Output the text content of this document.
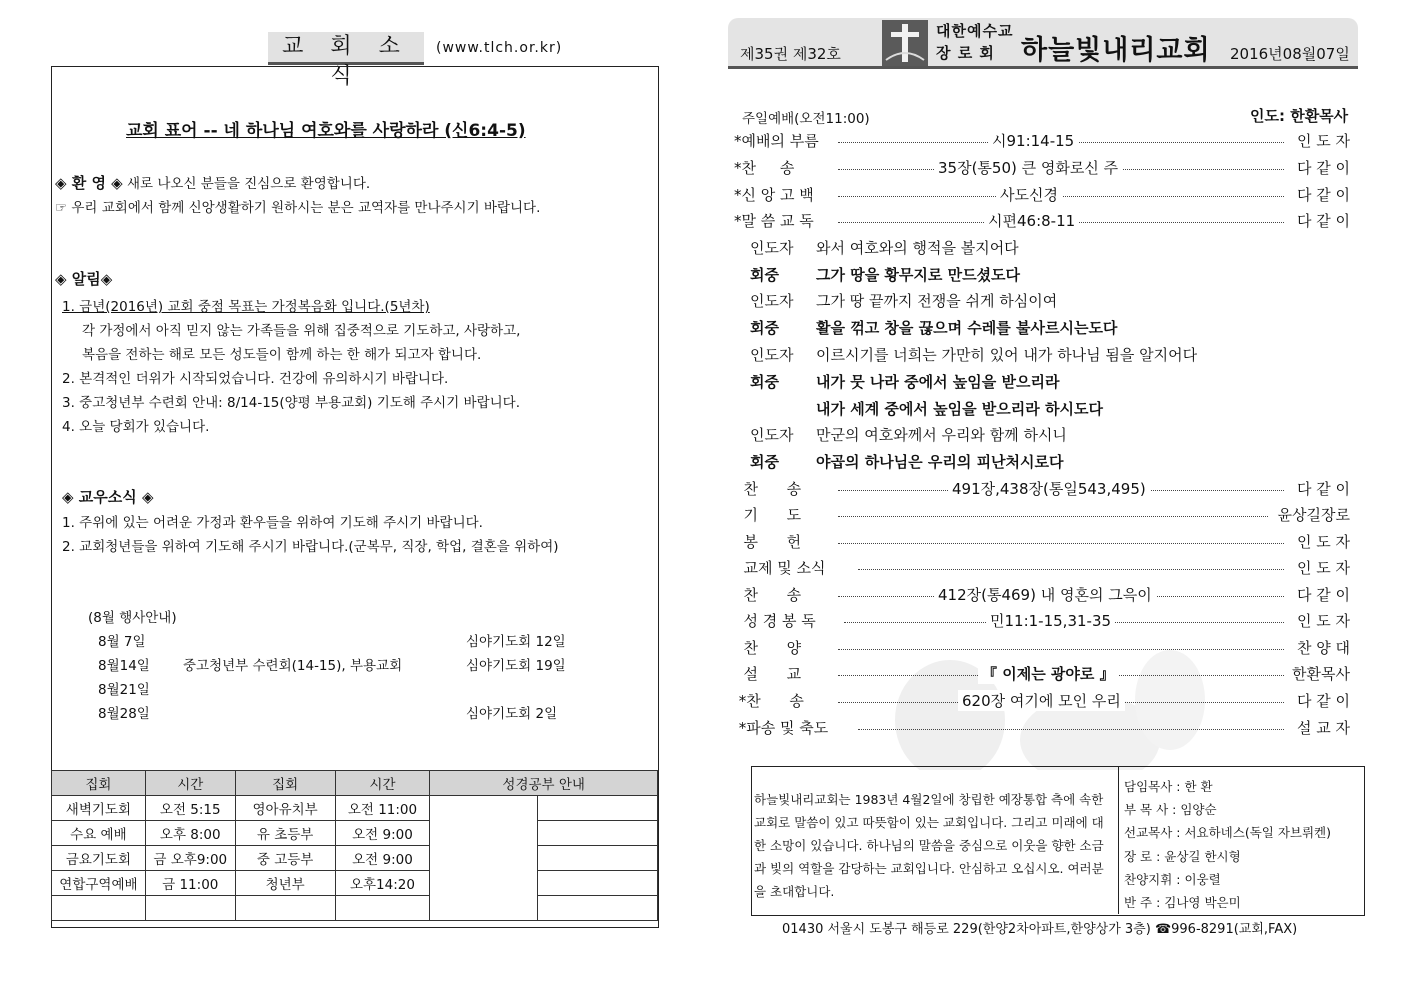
교 회 소 식
(www.tlch.or.kr)
교회 표어 -- 네 하나님 여호와를 사랑하라 (신6:4-5)
◈ 환 영 ◈ 새로 나오신 분들을 진심으로 환영합니다.
☞ 우리 교회에서 함께 신앙생활하기 원하시는 분은 교역자를 만나주시기 바랍니다.
◈ 알림◈
1. 금년(2016년) 교회 중점 목표는 가정복음화 입니다.(5년차)
각 가정에서 아직 믿지 않는 가족들을 위해 집중적으로 기도하고, 사랑하고,
복음을 전하는 해로 모든 성도들이 함께 하는 한 해가 되고자 합니다.
2. 본격적인 더위가 시작되었습니다. 건강에 유의하시기 바랍니다.
3. 중고청년부 수련회 안내: 8/14-15(양평 부용교회) 기도해 주시기 바랍니다.
4. 오늘 당회가 있습니다.
◈ 교우소식 ◈
1. 주위에 있는 어려운 가정과 환우들을 위하여 기도해 주시기 바랍니다.
2. 교회청년들을 위하여 기도해 주시기 바랍니다.(군복무, 직장, 학업, 결혼을 위하여)
(8월 행사안내)
8월 7일	심야기도회 12일
8월14일 중고청년부 수련회(14-15), 부용교회	심야기도회 19일
8월21일
8월28일	심야기도회 2일
집회	시간	집회	시간	성경공부 안내	
새벽기도회	오전 5:15	영아유치부	오전 11:00		
수요 예배	오후 8:00	유 초등부	오전 9:00		
금요기도회	금 오후9:00	중 고등부	오전 9:00		
연합구역예배	금 11:00	청년부	오후14:20		

제35권 제32호
대한예수교
장 로 회 하늘빛내리교회 2016년08월07일
주일예배(오전11:00)	인도: 한환목사
*예배의 부름	시91:14-15	인 도 자
*찬     송	35장(통50) 큰 영화로신 주	다 같 이
*신 앙 고 백	사도신경	다 같 이
*말 씀 교 독	시편46:8-11	다 같 이
인도자 와서 여호와의 행적을 볼지어다
회중 그가 땅을 황무지로 만드셨도다
인도자 그가 땅 끝까지 전쟁을 쉬게 하심이여
회중 활을 꺾고 창을 끊으며 수레를 불사르시는도다
인도자 이르시기를 너희는 가만히 있어 내가 하나님 됨을 알지어다
회중 내가 뭇 나라 중에서 높임을 받으리라
내가 세계 중에서 높임을 받으리라 하시도다
인도자 만군의 여호와께서 우리와 함께 하시니
회중 야곱의 하나님은 우리의 피난처시로다
찬      송	491장,438장(통일543,495)	다 같 이
기      도	윤상길장로
봉      헌	인 도 자
교제 및 소식	인 도 자
찬      송	412장(통469) 내 영혼의 그윽이	다 같 이
성 경 봉 독	민11:1-15,31-35	인 도 자
찬      양	찬 양 대
설      교	『 이제는 광야로 』	한환목사
*찬      송	620장 여기에 모인 우리	다 같 이
*파송 및 축도	설 교 자
하늘빛내리교회는 1983년 4월2일에 창립한 예장통합 측에 속한 교회로 말씀이 있고 따뜻함이 있는 교회입니다. 그리고 미래에 대한 소망이 있습니다. 하나님의 말씀을 중심으로 이웃을 향한 소금과 빛의 역할을 감당하는 교회입니다. 안심하고 오십시오. 여러분을 초대합니다.
담임목사 : 한 환
부 목 사 : 임양순
선교목사 : 서요하네스(독일 자브뤼켄)
장 로 : 윤상길 한시형
찬양지휘 : 이웅렬
반 주 : 김나영 박은미
01430 서울시 도봉구 해등로 229(한양2차아파트,한양상가 3층) ☎996-8291(교회,FAX)
